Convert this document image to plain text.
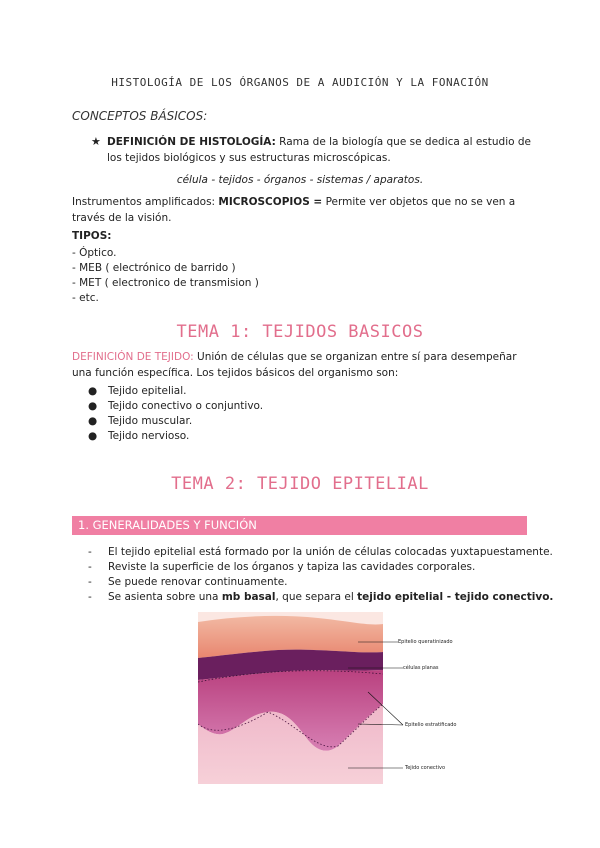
HISTOLOGÍA DE LOS ÓRGANOS DE A AUDICIÓN Y LA FONACIÓN
CONCEPTOS BÁSICOS:
★ DEFINICIÓN DE HISTOLOGÍA: Rama de la biología que se dedica al estudio de los tejidos biológicos y sus estructuras microscópicas.
célula - tejidos - órganos - sistemas / aparatos.
Instrumentos amplificados: MICROSCOPIOS = Permite ver objetos que no se ven a través de la visión.
TIPOS:
- Óptico.
- MEB ( electrónico de barrido )
- MET ( electronico de transmision )
- etc.
TEMA 1: TEJIDOS BASICOS
DEFINICIÓN DE TEJIDO: Unión de células que se organizan entre sí para desempeñar una función específica. Los tejidos básicos del organismo son:
● Tejido epitelial.
● Tejido conectivo o conjuntivo.
● Tejido muscular.
● Tejido nervioso.
TEMA 2: TEJIDO EPITELIAL
1. GENERALIDADES Y FUNCIÓN
- El tejido epitelial está formado por la unión de células colocadas yuxtapuestamente.
- Reviste la superficie de los órganos y tapiza las cavidades corporales.
- Se puede renovar continuamente.
- Se asienta sobre una mb basal, que separa el tejido epitelial - tejido conectivo.
Epitelio queratinizado
células planas
Epitelio estratificado
Tejido conectivo
